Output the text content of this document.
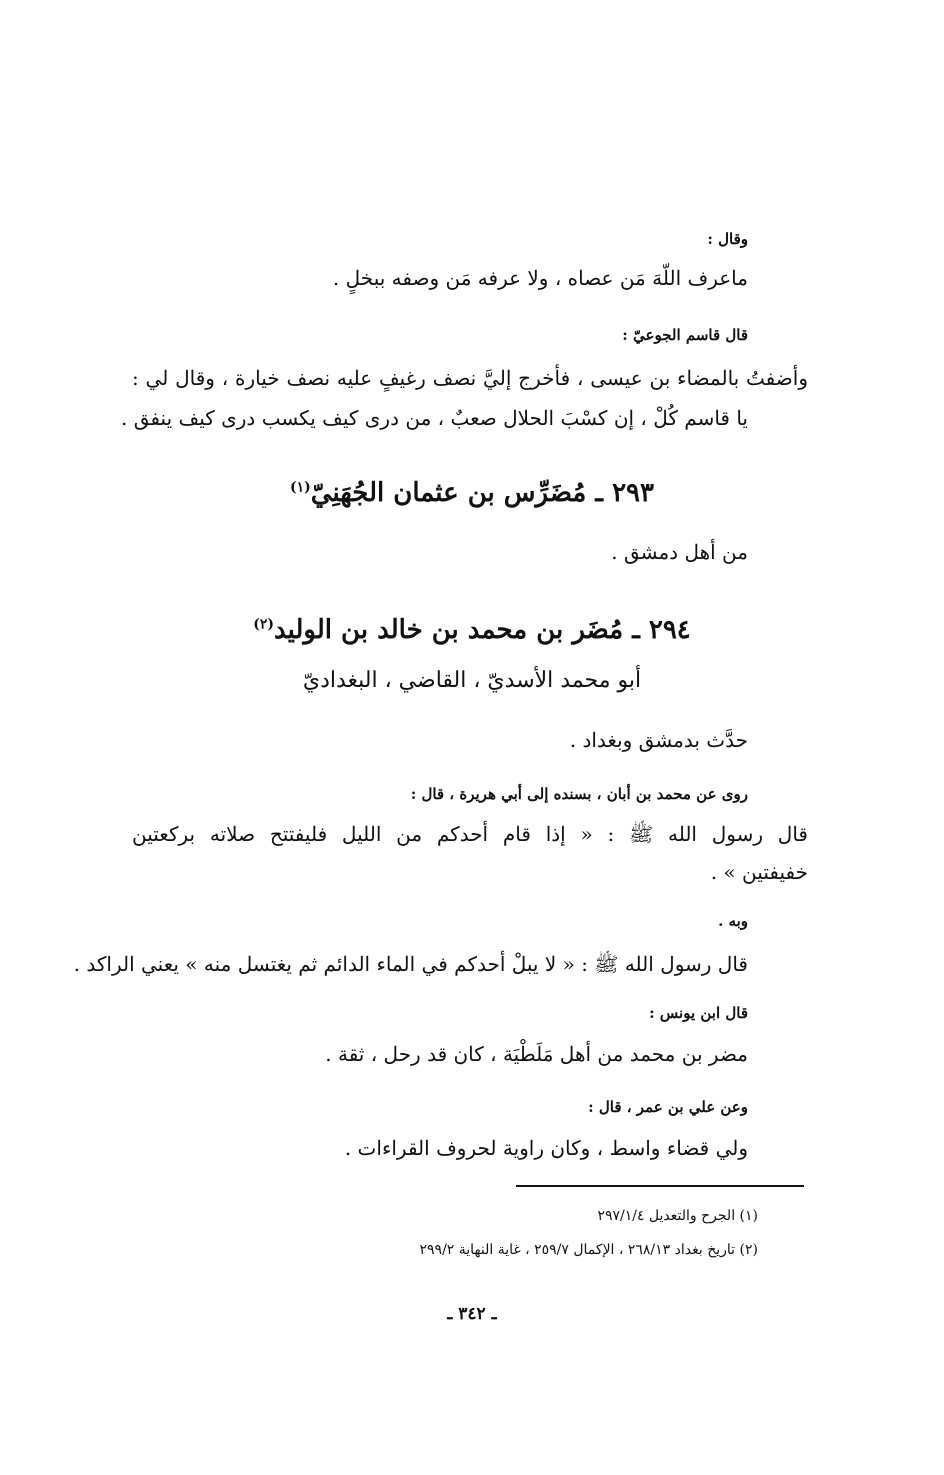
وقال :

ماعرف اللّهَ مَن عصاه ، ولا عرفه مَن وصفه ببخلٍ .

قال قاسم الجوعيّ :

وأضفتُ بالمضاء بن عيسى ، فأخرج إليَّ نصف رغيفٍ عليه نصف خيارة ، وقال لي :

يا قاسم كُلْ ، إن كسْبَ الحلال صعبٌ ، من درى كيف يكسب درى كيف ينفق .

٢٩٣ ـ مُضَرِّس بن عثمان الجُهَنِيّ$^{(١)}$

من أهل دمشق .

٢٩٤ ـ مُضَر بن محمد بن خالد بن الوليد$^{(٢)}$

أبو محمد الأسديّ ، القاضي ، البغداديّ

حدَّث بدمشق وبغداد .

روى عن محمد بن أبان ، بسنده إلى أبي هريرة ، قال :

قال رسول الله ﷺ : « إذا قام أحدكم من الليل فليفتتح صلاته بركعتين

خفيفتين » .

وبه .

قال رسول الله ﷺ : « لا يبلْ أحدكم في الماء الدائم ثم يغتسل منه » يعني الراكد .

قال ابن يونس :

مضر بن محمد من أهل مَلَطْيَة ، كان قد رحل ، ثقة .

وعن علي بن عمر ، قال :

ولي قضاء واسط ، وكان راوية لحروف القراءات .

(١) الجرح والتعديل ٢٩٧/١/٤

(٢) تاريخ بغداد ٢٦٨/١٣ ، الإكمال ٢٥٩/٧ ، غاية النهاية ٢٩٩/٢

ـ ٣٤٢ ـ
